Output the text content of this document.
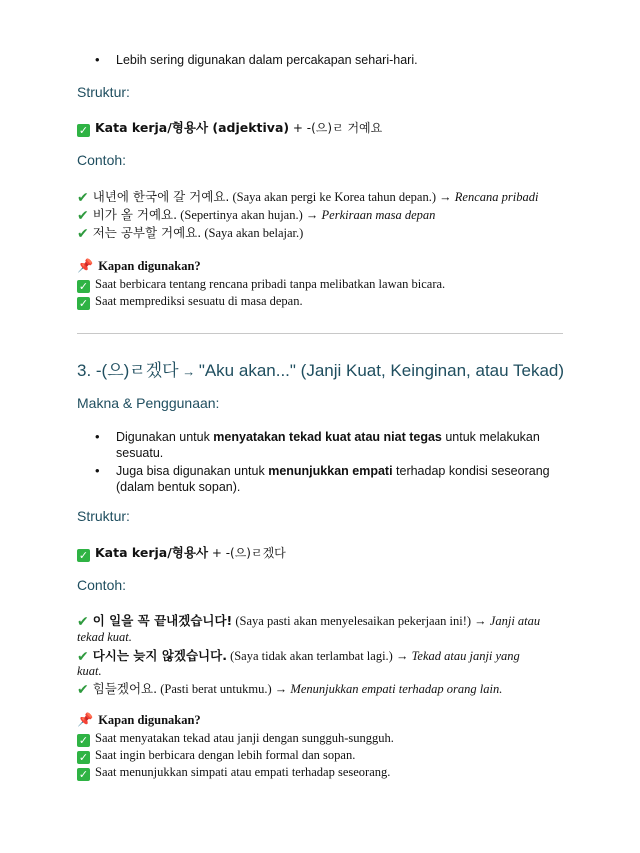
• Lebih sering digunakan dalam percakapan sehari-hari.
Struktur:
✓ Kata kerja/형용사 (adjektiva) + -(으)ㄹ 거예요
Contoh:
✔ 내년에 한국에 갈 거예요. (Saya akan pergi ke Korea tahun depan.) → Rencana pribadi
✔ 비가 올 거예요. (Sepertinya akan hujan.) → Perkiraan masa depan
✔ 저는 공부할 거예요. (Saya akan belajar.)
📌 Kapan digunakan?
✓ Saat berbicara tentang rencana pribadi tanpa melibatkan lawan bicara.
✓ Saat memprediksi sesuatu di masa depan.
3. -(으)ㄹ겠다 → "Aku akan..." (Janji Kuat, Keinginan, atau Tekad)
Makna & Penggunaan:
• Digunakan untuk menyatakan tekad kuat atau niat tegas untuk melakukan sesuatu.
• Juga bisa digunakan untuk menunjukkan empati terhadap kondisi seseorang (dalam bentuk sopan).
Struktur:
✓ Kata kerja/형용사 + -(으)ㄹ겠다
Contoh:
✔ 이 일을 꼭 끝내겠습니다! (Saya pasti akan menyelesaikan pekerjaan ini!) → Janji atau
tekad kuat.
✔ 다시는 늦지 않겠습니다. (Saya tidak akan terlambat lagi.) → Tekad atau janji yang
kuat.
✔ 힘들겠어요. (Pasti berat untukmu.) → Menunjukkan empati terhadap orang lain.
📌 Kapan digunakan?
✓ Saat menyatakan tekad atau janji dengan sungguh-sungguh.
✓ Saat ingin berbicara dengan lebih formal dan sopan.
✓ Saat menunjukkan simpati atau empati terhadap seseorang.
